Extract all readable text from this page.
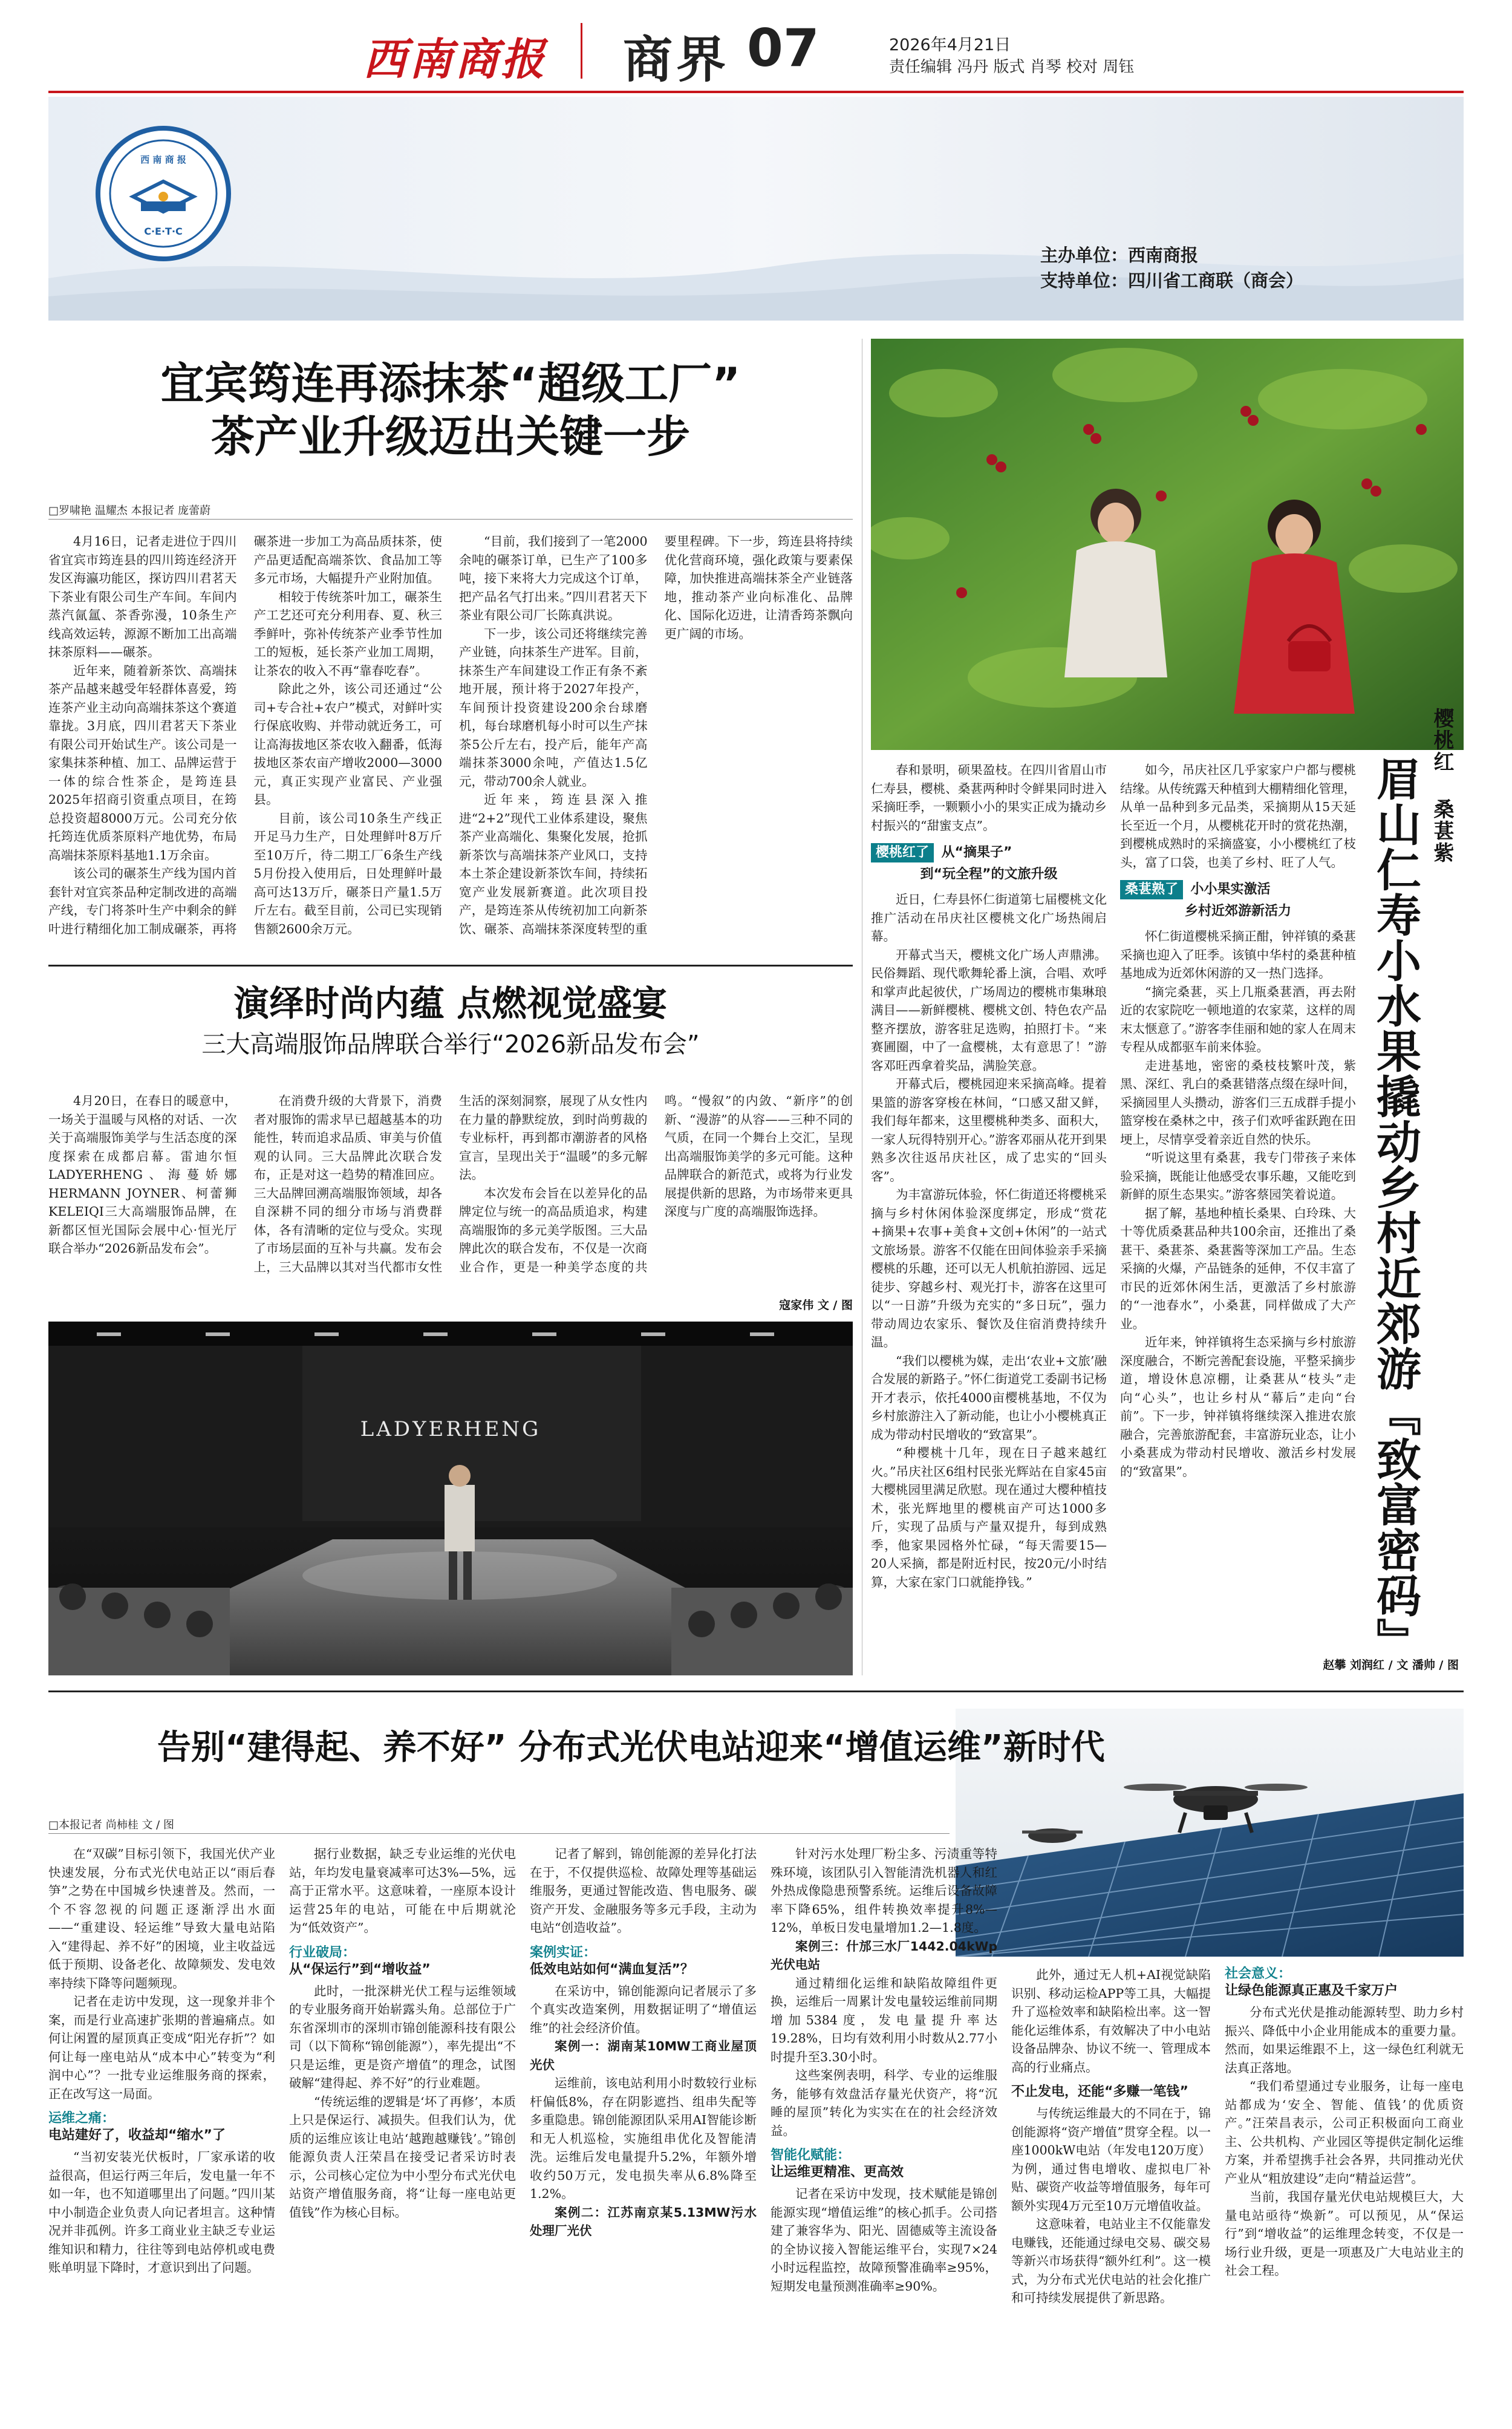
西南商报 商界 07	2026年4月21日
责任编辑 冯丹 版式 肖琴 校对 周钰
西 南 商 报
C·E·T·C
主办单位：西南商报
支持单位：四川省工商联（商会）
宜宾筠连再添抹茶“超级工厂”
茶产业升级迈出关键一步
□罗啸艳 温耀杰 本报记者 庞蕾蔚

4月16日，记者走进位于四川省宜宾市筠连县的四川筠连经济开发区海瀛功能区，探访四川君茗天下茶业有限公司生产车间。车间内蒸汽氤氲、茶香弥漫，10条生产线高效运转，源源不断加工出高端抹茶原料——碾茶。

近年来，随着新茶饮、高端抹茶产品越来越受年轻群体喜爱，筠连茶产业主动向高端抹茶这个赛道靠拢。3月底，四川君茗天下茶业有限公司开始试生产。该公司是一家集抹茶种植、加工、品牌运营于一体的综合性茶企，是筠连县2025年招商引资重点项目，在筠总投资超8000万元。公司充分依托筠连优质茶原料产地优势，布局高端抹茶原料基地1.1万余亩。

该公司的碾茶生产线为国内首套针对宜宾茶品种定制改进的高端产线，专门将茶叶生产中剩余的鲜叶进行精细化加工制成碾茶，再将碾茶进一步加工为高品质抹茶，使产品更适配高端茶饮、食品加工等多元市场，大幅提升产业附加值。

相较于传统茶叶加工，碾茶生产工艺还可充分利用春、夏、秋三季鲜叶，弥补传统茶产业季节性加工的短板，延长茶产业加工周期，让茶农的收入不再“靠春吃春”。

除此之外，该公司还通过“公司+专合社+农户”模式，对鲜叶实行保底收购、并带动就近务工，可让高海拔地区茶农收入翻番，低海拔地区茶农亩产增收2000—3000元，真正实现产业富民、产业强县。

目前，该公司10条生产线正开足马力生产，日处理鲜叶8万斤至10万斤，待二期工厂6条生产线5月份投入使用后，日处理鲜叶最高可达13万斤，碾茶日产量1.5万斤左右。截至目前，公司已实现销售额2600余万元。

“目前，我们接到了一笔2000余吨的碾茶订单，已生产了100多吨，接下来将大力完成这个订单，把产品名气打出来。”四川君茗天下茶业有限公司厂长陈真洪说。

下一步，该公司还将继续完善产业链，向抹茶生产进军。目前，抹茶生产车间建设工作正有条不紊地开展，预计将于2027年投产，车间预计投资建设200余台球磨机，每台球磨机每小时可以生产抹茶5公斤左右，投产后，能年产高端抹茶3000余吨，产值达1.5亿元，带动700余人就业。

近年来，筠连县深入推进“2+2”现代工业体系建设，聚焦茶产业高端化、集聚化发展，抢抓新茶饮与高端抹茶产业风口，支持本土茶企建设新茶饮车间，持续拓宽产业发展新赛道。此次项目投产，是筠连茶从传统初加工向新茶饮、碾茶、高端抹茶深度转型的重要里程碑。下一步，筠连县将持续优化营商环境，强化政策与要素保障，加快推进高端抹茶全产业链落地，推动茶产业向标准化、品牌化、国际化迈进，让清香筠茶飘向更广阔的市场。

演绎时尚内蕴 点燃视觉盛宴
三大高端服饰品牌联合举行“2026新品发布会”

4月20日，在春日的暖意中，一场关于温暖与风格的对话、一次关于高端服饰美学与生活态度的深度探索在成都启幕。雷迪尔恒LADYERHENG、海蔓娇娜HERMANN JOYNER、柯蕾狮KELEIQI三大高端服饰品牌，在新都区恒光国际会展中心·恒光厅联合举办“2026新品发布会”。

在消费升级的大背景下，消费者对服饰的需求早已超越基本的功能性，转而追求品质、审美与价值观的认同。三大品牌此次联合发布，正是对这一趋势的精准回应。三大品牌回溯高端服饰领域，却各自深耕不同的细分市场与消费群体，各有清晰的定位与受众。实现了市场层面的互补与共赢。发布会上，三大品牌以其对当代都市女性生活的深刻洞察，展现了从女性内在力量的静默绽放，到时尚剪裁的专业标杆，再到都市潮游者的风格宣言，呈现出关于“温暖”的多元解法。

本次发布会旨在以差异化的品牌定位与统一的高品质追求，构建高端服饰的多元美学版图。三大品牌此次的联合发布，不仅是一次商业合作，更是一种美学态度的共鸣。“慢叙”的内敛、“新序”的创新、“漫游”的从容——三种不同的气质，在同一个舞台上交汇，呈现出高端服饰美学的多元可能。这种品牌联合的新范式，或将为行业发展提供新的思路，为市场带来更具深度与广度的高端服饰选择。

寇家伟 文 / 图
LADYERHENG
樱桃红
桑葚紫
眉山仁寿小水果撬动乡村近郊游『致富密码』

春和景明，硕果盈枝。在四川省眉山市仁寿县，樱桃、桑葚两种时令鲜果同时进入采摘旺季，一颗颗小小的果实正成为撬动乡村振兴的“甜蜜支点”。

樱桃红了 从“摘果子”
到“玩全程”的文旅升级

近日，仁寿县怀仁街道第七届樱桃文化推广活动在吊庆社区樱桃文化广场热闹启幕。

开幕式当天，樱桃文化广场人声鼎沸。民俗舞蹈、现代歌舞轮番上演，合唱、欢呼和掌声此起彼伏，广场周边的樱桃市集琳琅满目——新鲜樱桃、樱桃文创、特色农产品整齐摆放，游客驻足选购，拍照打卡。“来赛圃圈，中了一盒樱桃，太有意思了！”游客邓旺西拿着奖品，满脸笑意。

开幕式后，樱桃园迎来采摘高峰。提着果篮的游客穿梭在林间，“口感又甜又鲜，我们每年都来，这里樱桃种类多、面积大，一家人玩得特别开心。”游客邓丽从花开到果熟多次往返吊庆社区，成了忠实的“回头客”。

为丰富游玩体验，怀仁街道还将樱桃采摘与乡村休闲体验深度绑定，形成“赏花+摘果+农事+美食+文创+休闲”的一站式文旅场景。游客不仅能在田间体验亲手采摘樱桃的乐趣，还可以无人机航拍游园、远足徒步、穿越乡村、观光打卡，游客在这里可以“一日游”升级为充实的“多日玩”，强力带动周边农家乐、餐饮及住宿消费持续升温。

“我们以樱桃为媒，走出‘农业+文旅’融合发展的新路子。”怀仁街道党工委副书记杨开才表示，依托4000亩樱桃基地，不仅为乡村旅游注入了新动能，也让小小樱桃真正成为带动村民增收的“致富果”。

“种樱桃十几年，现在日子越来越红火。”吊庆社区6组村民张光辉站在自家45亩大樱桃园里满足欣慰。现在通过大樱种植技术，张光辉地里的樱桃亩产可达1000多斤，实现了品质与产量双提升，每到成熟季，他家果园格外忙碌，“每天需要15—20人采摘，都是附近村民，按20元/小时结算，大家在家门口就能挣钱。”

如今，吊庆社区几乎家家户户都与樱桃结缘。从传统露天种植到大棚精细化管理，从单一品种到多元品类，采摘期从15天延长至近一个月，从樱桃花开时的赏花热潮，到樱桃成熟时的采摘盛宴，小小樱桃红了枝头，富了口袋，也美了乡村、旺了人气。

桑葚熟了 小小果实激活
乡村近郊游新活力

怀仁街道樱桃采摘正酣，钟祥镇的桑葚采摘也迎入了旺季。该镇中华村的桑葚种植基地成为近郊休闲游的又一热门选择。

“摘完桑葚，买上几瓶桑葚酒，再去附近的农家院吃一顿地道的农家菜，这样的周末太惬意了。”游客李佳丽和她的家人在周末专程从成都驱车前来体验。

走进基地，密密的桑枝枝繁叶茂，紫黑、深红、乳白的桑葚错落点缀在绿叶间，采摘园里人头攒动，游客们三五成群手提小篮穿梭在桑林之中，孩子们欢呼雀跃跑在田埂上，尽情享受着亲近自然的快乐。

“听说这里有桑葚，我专门带孩子来体验采摘，既能让他感受农事乐趣，又能吃到新鲜的原生态果实。”游客蔡园笑着说道。

据了解，基地种植长桑果、白玲珠、大十等优质桑葚品种共100余亩，还推出了桑葚干、桑葚茶、桑葚酱等深加工产品。生态采摘的火爆，产品链条的延伸，不仅丰富了市民的近郊休闲生活，更激活了乡村旅游的“一池春水”，小桑葚，同样做成了大产业。

近年来，钟祥镇将生态采摘与乡村旅游深度融合，不断完善配套设施，平整采摘步道，增设休息凉棚，让桑葚从“枝头”走向“心头”，也让乡村从“幕后”走向“台前”。下一步，钟祥镇将继续深入推进农旅融合，完善旅游配套，丰富游玩业态，让小小桑葚成为带动村民增收、激活乡村发展的“致富果”。

赵攀 刘润红 / 文 潘帅 / 图
告别“建得起、养不好” 分布式光伏电站迎来“增值运维”新时代
□本报记者 尚柿桂 文 / 图

在“双碳”目标引领下，我国光伏产业快速发展，分布式光伏电站正以“雨后春笋”之势在中国城乡快速普及。然而，一个不容忽视的问题正逐渐浮出水面——“重建设、轻运维”导致大量电站陷入“建得起、养不好”的困境，业主收益远低于预期、设备老化、故障频发、发电效率持续下降等问题频现。

记者在走访中发现，这一现象并非个案，而是行业高速扩张期的普遍痛点。如何让闲置的屋顶真正变成“阳光存折”？如何让每一座电站从“成本中心”转变为“利润中心”？一批专业运维服务商的探索，正在改写这一局面。

运维之痛：
电站建好了，收益却“缩水”了

“当初安装光伏板时，厂家承诺的收益很高，但运行两三年后，发电量一年不如一年，也不知道哪里出了问题。”四川某中小制造企业负责人向记者坦言。这种情况并非孤例。许多工商业业主缺乏专业运维知识和精力，往往等到电站停机或电费账单明显下降时，才意识到出了问题。

据行业数据，缺乏专业运维的光伏电站，年均发电量衰减率可达3%—5%，远高于正常水平。这意味着，一座原本设计运营25年的电站，可能在中后期就沦为“低效资产”。

行业破局：
从“保运行”到“增收益”

此时，一批深耕光伏工程与运维领域的专业服务商开始崭露头角。总部位于广东省深圳市的深圳市锦创能源科技有限公司（以下简称“锦创能源”），率先提出“不只是运维，更是资产增值”的理念，试图破解“建得起、养不好”的行业难题。

“传统运维的逻辑是‘坏了再修’，本质上只是保运行、减损失。但我们认为，优质的运维应该让电站‘越跑越赚钱’。”锦创能源负责人汪荣昌在接受记者采访时表示，公司核心定位为中小型分布式光伏电站资产增值服务商，将“让每一座电站更值钱”作为核心目标。

记者了解到，锦创能源的差异化打法在于，不仅提供巡检、故障处理等基础运维服务，更通过智能改造、售电服务、碳资产开发、金融服务等多元手段，主动为电站“创造收益”。

案例实证：
低效电站如何“满血复活”？

在采访中，锦创能源向记者展示了多个真实改造案例，用数据证明了“增值运维”的社会经济价值。

案例一：湖南某10MW工商业屋顶光伏

运维前，该电站利用小时数较行业标杆偏低8%，存在阴影遮挡、组串失配等多重隐患。锦创能源团队采用AI智能诊断和无人机巡检，实施组串优化及智能清洗。运维后发电量提升5.2%，年额外增收约50万元，发电损失率从6.8%降至1.2%。

案例二：江苏南京某5.13MW污水处理厂光伏

针对污水处理厂粉尘多、污渍重等特殊环境，该团队引入智能清洗机器人和红外热成像隐患预警系统。运维后设备故障率下降65%，组件转换效率提升8%—12%，单板日发电量增加1.2—1.8度。

案例三：什邡三水厂1442.04kWp光伏电站

通过精细化运维和缺陷故障组件更换，运维后一周累计发电量较运维前同期增加5384度，发电量提升率达19.28%，日均有效利用小时数从2.77小时提升至3.30小时。

这些案例表明，科学、专业的运维服务，能够有效盘活存量光伏资产，将“沉睡的屋顶”转化为实实在在的社会经济效益。

智能化赋能：
让运维更精准、更高效

记者在采访中发现，技术赋能是锦创能源实现“增值运维”的核心抓手。公司搭建了兼容华为、阳光、固德威等主流设备的全协议接入智能运维平台，实现7×24小时远程监控，故障预警准确率≥95%，短期发电量预测准确率≥90%。

此外，通过无人机+AI视觉缺陷识别、移动运检APP等工具，大幅提升了巡检效率和缺陷检出率。这一智能化运维体系，有效解决了中小电站设备品牌杂、协议不统一、管理成本高的行业痛点。

不止发电，还能“多赚一笔钱”

与传统运维最大的不同在于，锦创能源将“资产增值”贯穿全程。以一座1000kW电站（年发电120万度）为例，通过售电增收、虚拟电厂补贴、碳资产收益等增值服务，每年可额外实现4万元至10万元增值收益。

这意味着，电站业主不仅能靠发电赚钱，还能通过绿电交易、碳交易等新兴市场获得“额外红利”。这一模式，为分布式光伏电站的社会化推广和可持续发展提供了新思路。

社会意义：
让绿色能源真正惠及千家万户

分布式光伏是推动能源转型、助力乡村振兴、降低中小企业用能成本的重要力量。然而，如果运维跟不上，这一绿色红利就无法真正落地。

“我们希望通过专业服务，让每一座电站都成为‘安全、智能、值钱’的优质资产。”汪荣昌表示，公司正积极面向工商业主、公共机构、产业园区等提供定制化运维方案，并希望携手社会各界，共同推动光伏产业从“粗放建设”走向“精益运营”。

当前，我国存量光伏电站规模巨大，大量电站亟待“焕新”。可以预见，从“保运行”到“增收益”的运维理念转变，不仅是一场行业升级，更是一项惠及广大电站业主的社会工程。
